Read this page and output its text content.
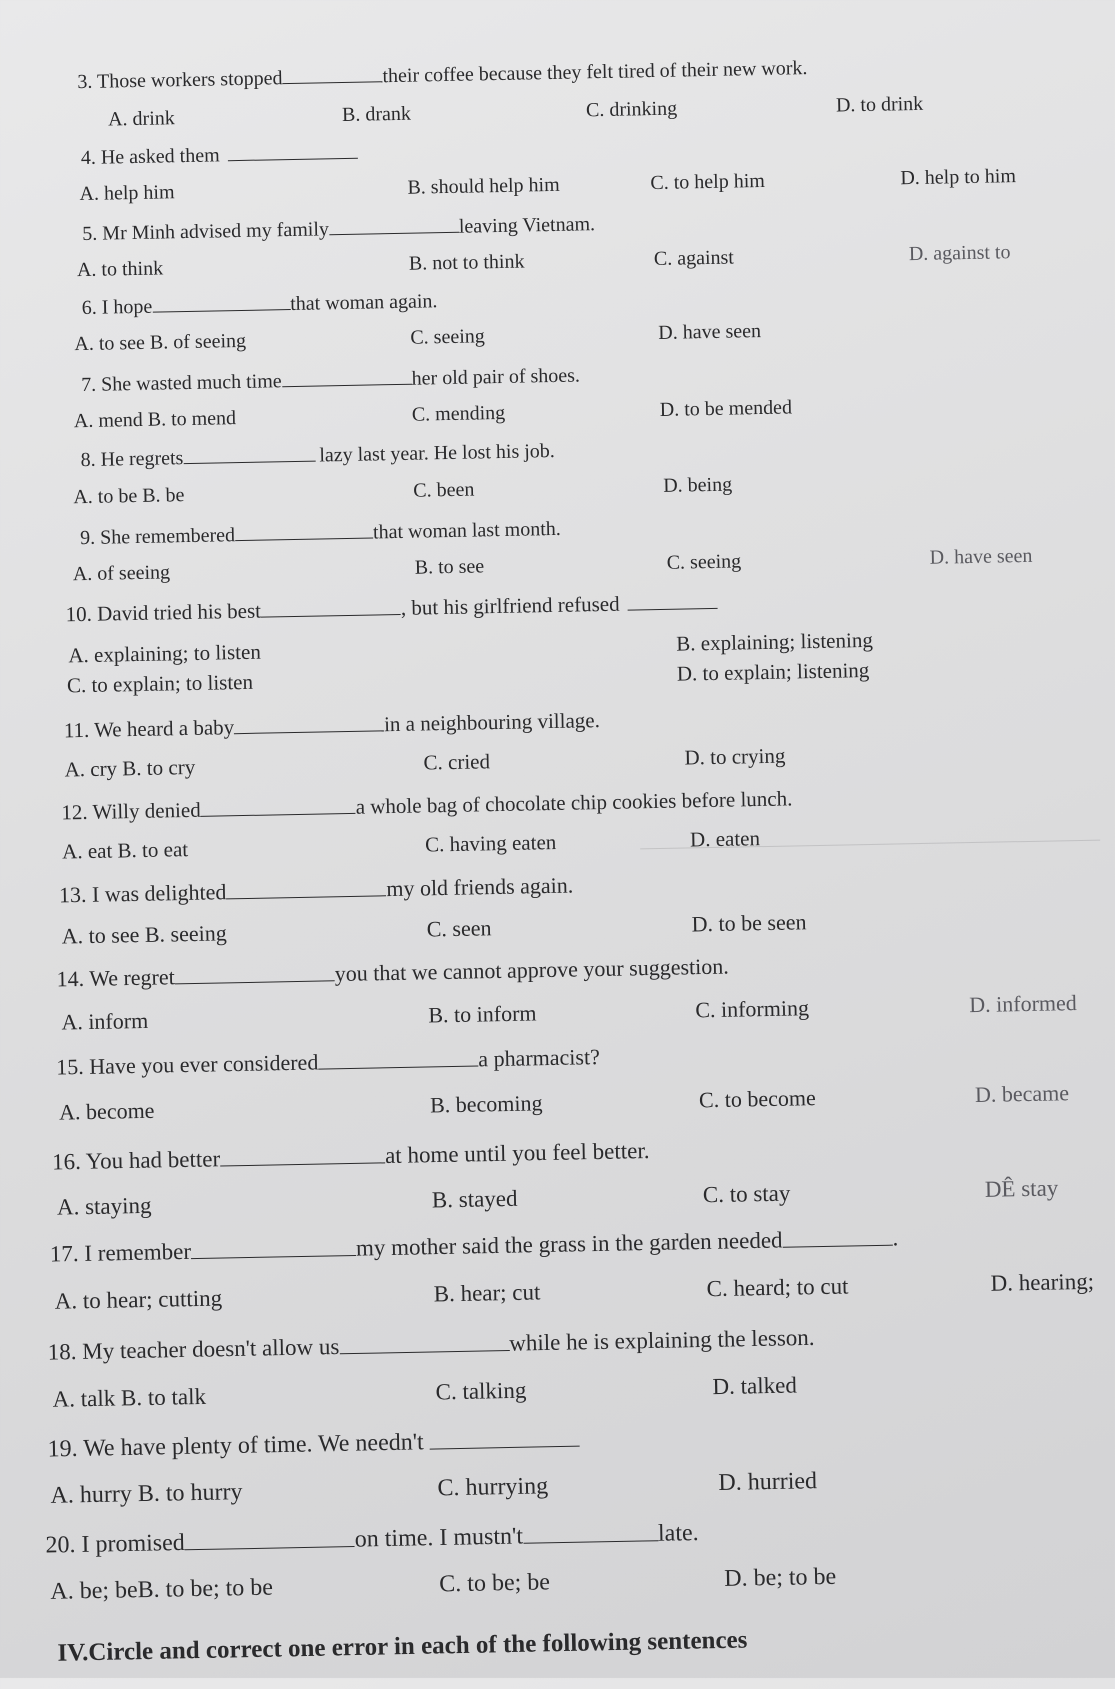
3. Those workers stopped	their coffee because they felt tired of their new work.
A. drink	B. drank	C. drinking	D. to drink
4. He asked them
A. help him	B. should help him	C. to help him	D. help to him
5. Mr Minh advised my family	leaving Vietnam.
A. to think	B. not to think	C. against	D. against to
6. I hope	that woman again.
A. to see B. of seeing	C. seeing	D. have seen
7. She wasted much time	her old pair of shoes.
A. mend B. to mend	C. mending	D. to be mended
8. He regrets	lazy last year. He lost his job.
A. to be B. be	C. been	D. being
9. She remembered	that woman last month.
A. of seeing	B. to see	C. seeing	D. have seen
10. David tried his best	, but his girlfriend refused
A. explaining; to listen	B. explaining; listening
C. to explain; to listen	D. to explain; listening
11. We heard a baby	in a neighbouring village.
A. cry B. to cry	C. cried	D. to crying
12. Willy denied	a whole bag of chocolate chip cookies before lunch.
A. eat B. to eat	C. having eaten	D. eaten
13. I was delighted	my old friends again.
A. to see B. seeing	C. seen	D. to be seen
14. We regret	you that we cannot approve your suggestion.
A. inform	B. to inform	C. informing	D. informed
15. Have you ever considered	a pharmacist?
A. become	B. becoming	C. to become	D. became
16. You had better	at home until you feel better.
A. staying	B. stayed	C. to stay	DÊ stay
17. I remember	my mother said the grass in the garden needed	.
A. to hear; cutting	B. hear; cut	C. heard; to cut	D. hearing;
18. My teacher doesn't allow us	while he is explaining the lesson.
A. talk B. to talk	C. talking	D. talked
19. We have plenty of time. We needn't
A. hurry B. to hurry	C. hurrying	D. hurried
20. I promised	on time. I mustn't	late.
A. be; beB. to be; to be	C. to be; be	D. be; to be
IV.Circle and correct one error in each of the following sentences
